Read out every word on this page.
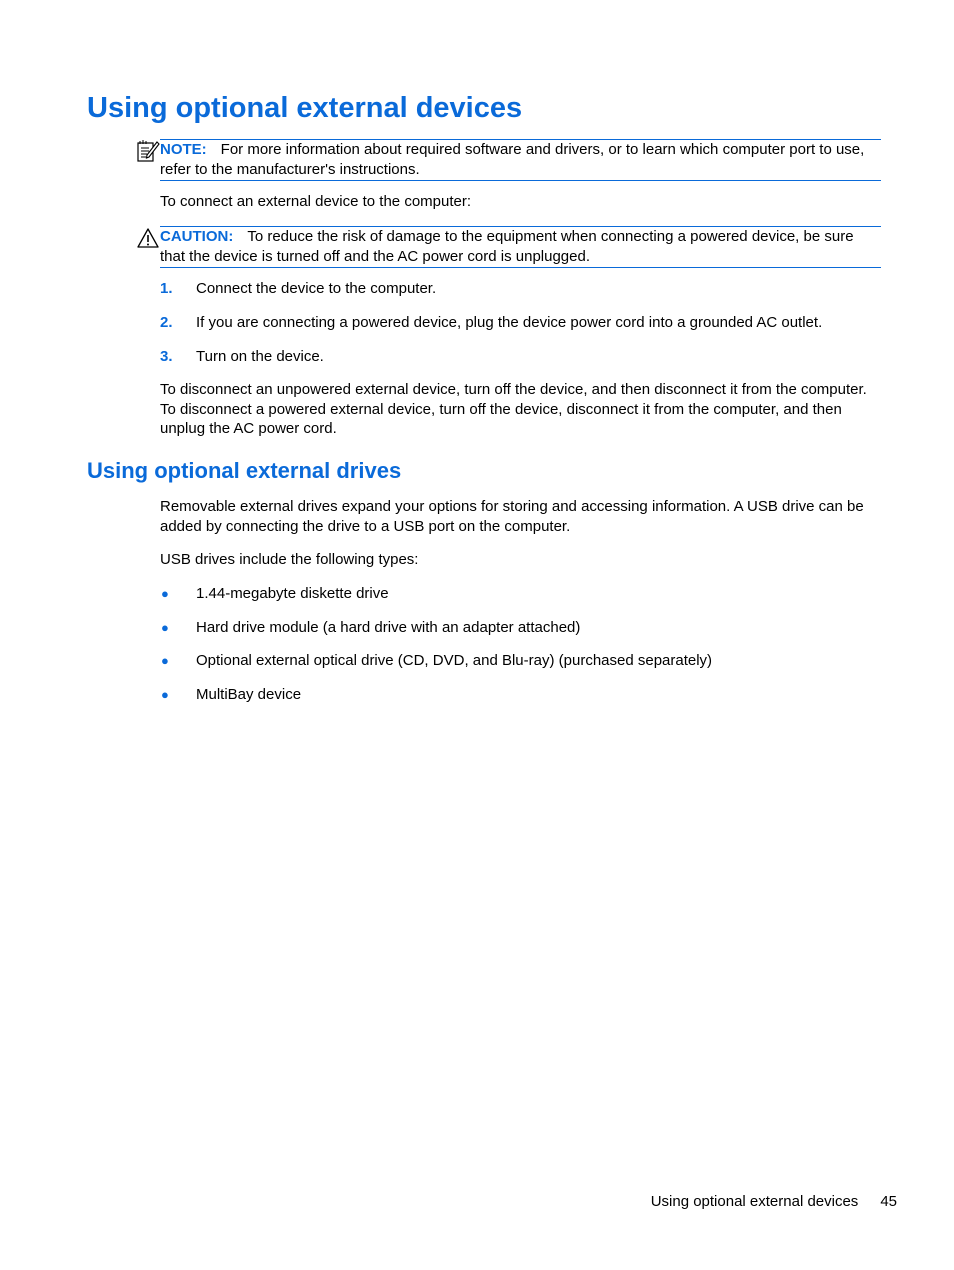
Using optional external devices
NOTE: For more information about required software and drivers, or to learn which computer port to use, refer to the manufacturer's instructions.

To connect an external device to the computer:

CAUTION: To reduce the risk of damage to the equipment when connecting a powered device, be sure that the device is turned off and the AC power cord is unplugged.
1. Connect the device to the computer.
2. If you are connecting a powered device, plug the device power cord into a grounded AC outlet.
3. Turn on the device.

To disconnect an unpowered external device, turn off the device, and then disconnect it from the computer. To disconnect a powered external device, turn off the device, disconnect it from the computer, and then unplug the AC power cord.

Using optional external drives

Removable external drives expand your options for storing and accessing information. A USB drive can be added by connecting the drive to a USB port on the computer.

USB drives include the following types:

● 1.44-megabyte diskette drive
● Hard drive module (a hard drive with an adapter attached)
● Optional external optical drive (CD, DVD, and Blu-ray) (purchased separately)
● MultiBay device
Using optional external devices 45
